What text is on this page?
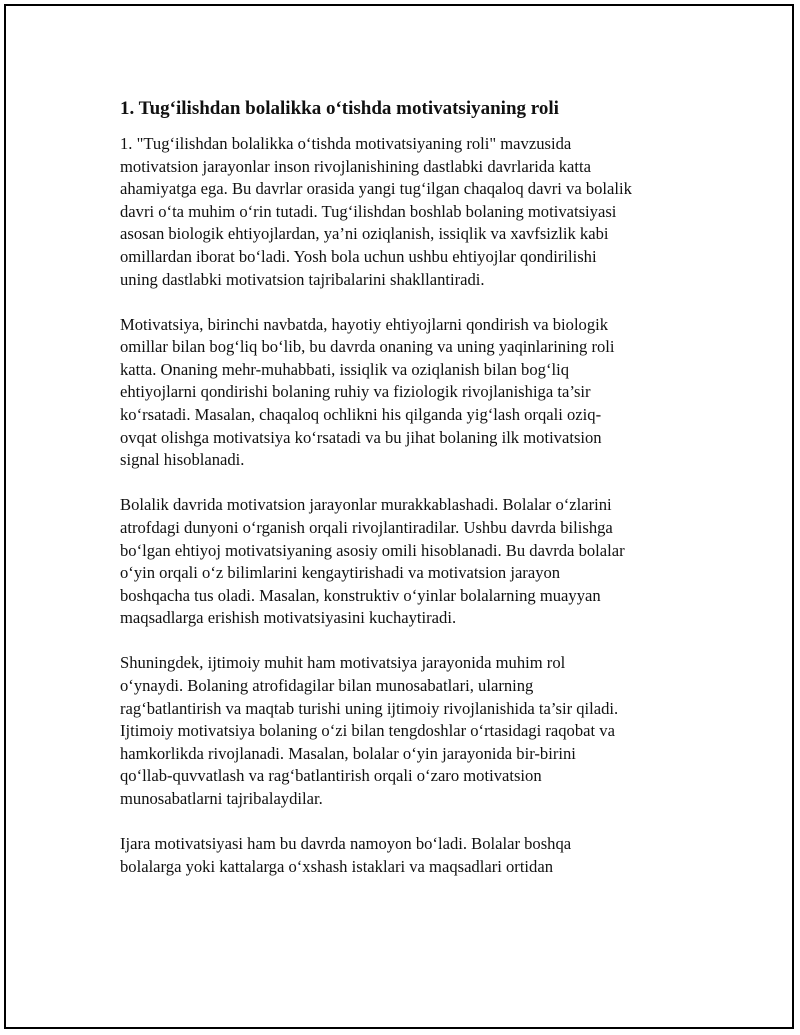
1. Tug‘ilishdan bolalikka o‘tishda motivatsiyaning roli

1. "Tug‘ilishdan bolalikka o‘tishda motivatsiyaning roli" mavzusida
motivatsion jarayonlar inson rivojlanishining dastlabki davrlarida katta
ahamiyatga ega. Bu davrlar orasida yangi tug‘ilgan chaqaloq davri va bolalik
davri o‘ta muhim o‘rin tutadi. Tug‘ilishdan boshlab bolaning motivatsiyasi
asosan biologik ehtiyojlardan, ya’ni oziqlanish, issiqlik va xavfsizlik kabi
omillardan iborat bo‘ladi. Yosh bola uchun ushbu ehtiyojlar qondirilishi
uning dastlabki motivatsion tajribalarini shakllantiradi.

Motivatsiya, birinchi navbatda, hayotiy ehtiyojlarni qondirish va biologik
omillar bilan bog‘liq bo‘lib, bu davrda onaning va uning yaqinlarining roli
katta. Onaning mehr-muhabbati, issiqlik va oziqlanish bilan bog‘liq
ehtiyojlarni qondirishi bolaning ruhiy va fiziologik rivojlanishiga ta’sir
ko‘rsatadi. Masalan, chaqaloq ochlikni his qilganda yig‘lash orqali oziq-
ovqat olishga motivatsiya ko‘rsatadi va bu jihat bolaning ilk motivatsion
signal hisoblanadi.

Bolalik davrida motivatsion jarayonlar murakkablashadi. Bolalar o‘zlarini
atrofdagi dunyoni o‘rganish orqali rivojlantiradilar. Ushbu davrda bilishga
bo‘lgan ehtiyoj motivatsiyaning asosiy omili hisoblanadi. Bu davrda bolalar
o‘yin orqali o‘z bilimlarini kengaytirishadi va motivatsion jarayon
boshqacha tus oladi. Masalan, konstruktiv o‘yinlar bolalarning muayyan
maqsadlarga erishish motivatsiyasini kuchaytiradi.

Shuningdek, ijtimoiy muhit ham motivatsiya jarayonida muhim rol
o‘ynaydi. Bolaning atrofidagilar bilan munosabatlari, ularning
rag‘batlantirish va maqtab turishi uning ijtimoiy rivojlanishida ta’sir qiladi.
Ijtimoiy motivatsiya bolaning o‘zi bilan tengdoshlar o‘rtasidagi raqobat va
hamkorlikda rivojlanadi. Masalan, bolalar o‘yin jarayonida bir-birini
qo‘llab-quvvatlash va rag‘batlantirish orqali o‘zaro motivatsion
munosabatlarni tajribalaydilar.

Ijara motivatsiyasi ham bu davrda namoyon bo‘ladi. Bolalar boshqa
bolalarga yoki kattalarga o‘xshash istaklari va maqsadlari ortidan
